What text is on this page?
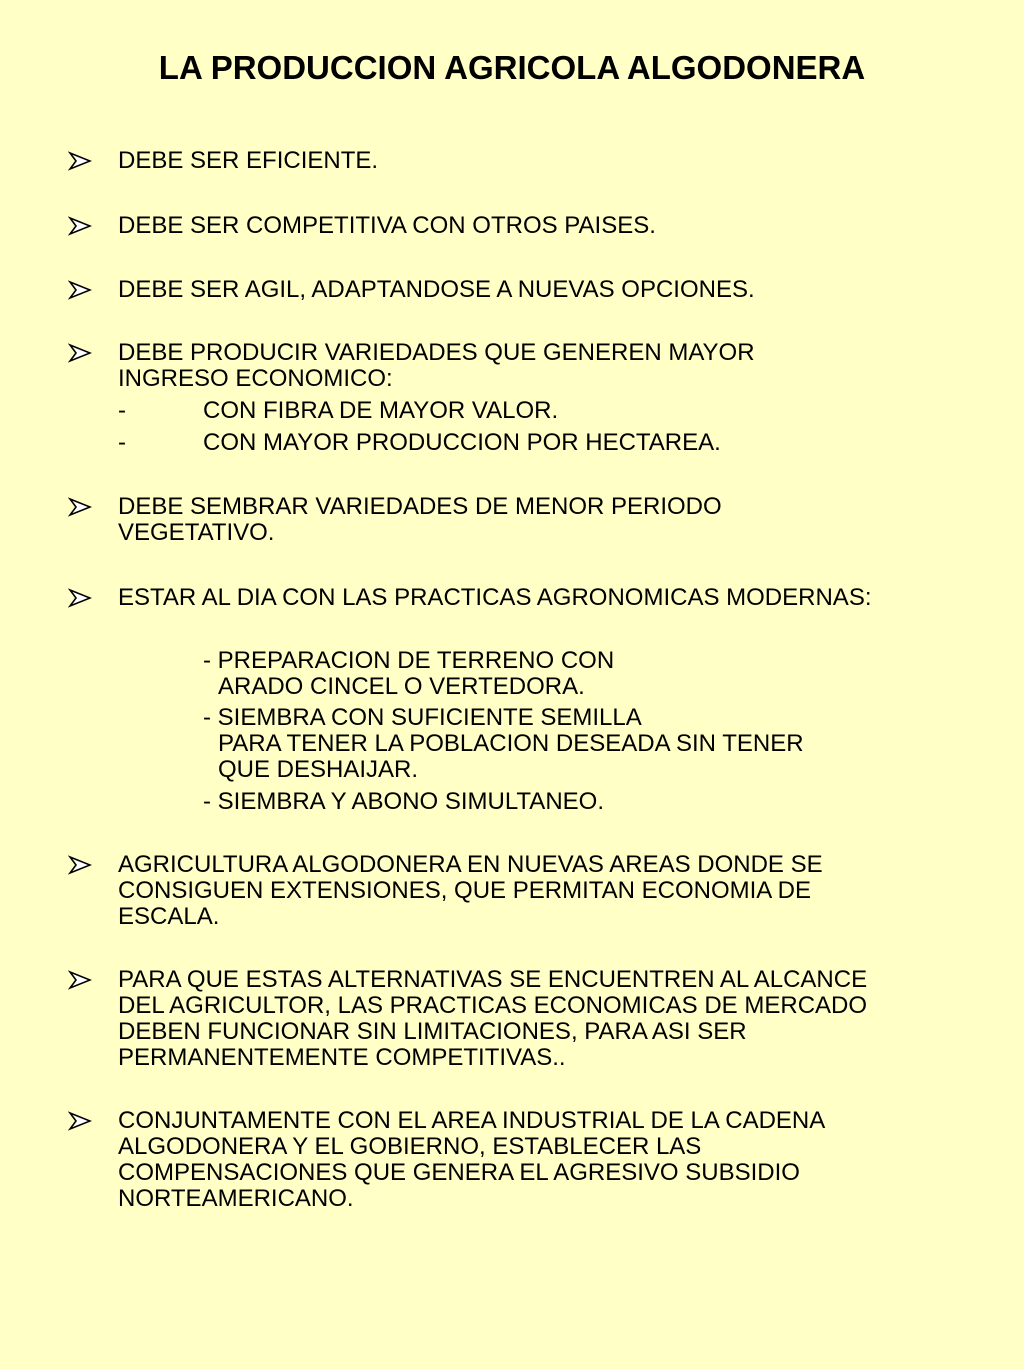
LA PRODUCCION AGRICOLA ALGODONERA
DEBE SER EFICIENTE.
DEBE SER COMPETITIVA CON OTROS PAISES.
DEBE SER AGIL, ADAPTANDOSE A NUEVAS OPCIONES.
DEBE PRODUCIR VARIEDADES QUE GENEREN MAYOR
INGRESO ECONOMICO:
-	CON FIBRA DE MAYOR VALOR.
-	CON MAYOR PRODUCCION POR HECTAREA.
DEBE SEMBRAR VARIEDADES DE MENOR PERIODO
VEGETATIVO.
ESTAR AL DIA CON LAS PRACTICAS AGRONOMICAS MODERNAS:
- PREPARACION DE TERRENO CON
ARADO CINCEL O VERTEDORA.
- SIEMBRA CON SUFICIENTE SEMILLA
PARA TENER LA POBLACION DESEADA SIN TENER
QUE DESHAIJAR.
- SIEMBRA Y ABONO SIMULTANEO.
AGRICULTURA ALGODONERA EN NUEVAS AREAS DONDE SE
CONSIGUEN EXTENSIONES, QUE PERMITAN ECONOMIA DE
ESCALA.
PARA QUE ESTAS ALTERNATIVAS SE ENCUENTREN AL ALCANCE
DEL AGRICULTOR, LAS PRACTICAS ECONOMICAS DE MERCADO
DEBEN FUNCIONAR SIN LIMITACIONES, PARA ASI SER
PERMANENTEMENTE COMPETITIVAS..
CONJUNTAMENTE CON EL AREA INDUSTRIAL DE LA CADENA
ALGODONERA Y EL GOBIERNO, ESTABLECER LAS
COMPENSACIONES QUE GENERA EL AGRESIVO SUBSIDIO
NORTEAMERICANO.
